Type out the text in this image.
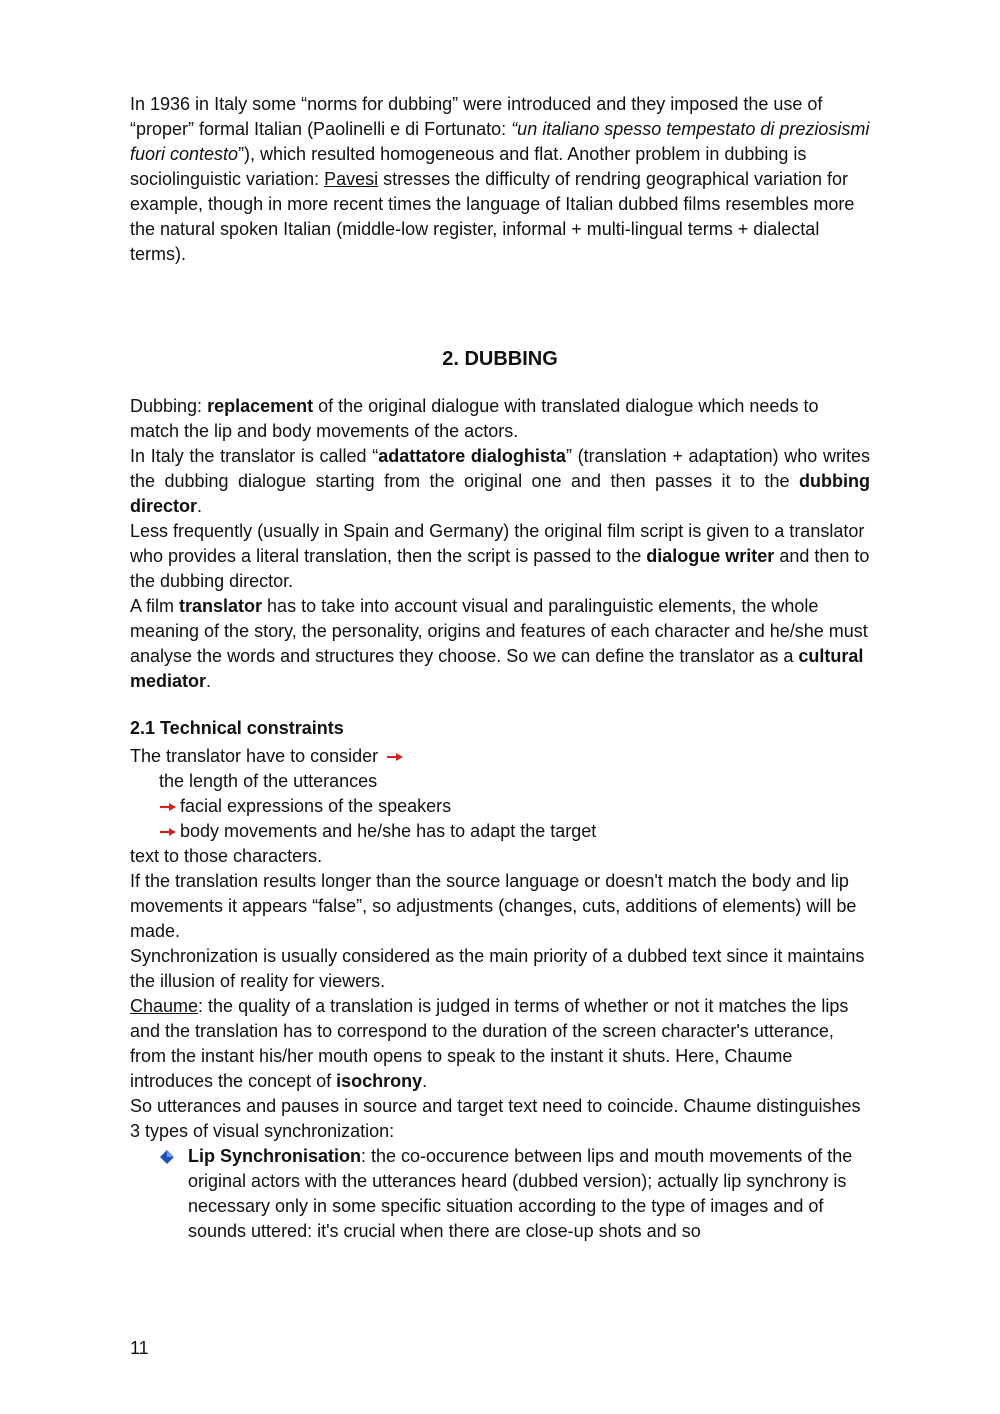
In 1936 in Italy some “norms for dubbing” were introduced and they imposed the use of “proper” formal Italian (Paolinelli e di Fortunato: “un italiano spesso tempestato di preziosismi fuori contesto”), which resulted homogeneous and flat. Another problem in dubbing is sociolinguistic variation: Pavesi stresses the difficulty of rendring geographical variation for example, though in more recent times the language of Italian dubbed films resembles more the natural spoken Italian (middle-low register, informal + multi-lingual terms + dialectal terms).

2. DUBBING

Dubbing: replacement of the original dialogue with translated dialogue which needs to match the lip and body movements of the actors.

In Italy the translator is called “adattatore dialoghista” (translation + adaptation) who writes the dubbing dialogue starting from the original one and then passes it to the dubbing director.

Less frequently (usually in Spain and Germany) the original film script is given to a translator who provides a literal translation, then the script is passed to the dialogue writer and then to the dubbing director.

A film translator has to take into account visual and paralinguistic elements, the whole meaning of the story, the personality, origins and features of each character and he/she must analyse the words and structures they choose. So we can define the translator as a cultural mediator.

2.1 Technical constraints

The translator have to consider

the length of the utterances

facial expressions of the speakers

body movements and he/she has to adapt the target

text to those characters.

If the translation results longer than the source language or doesn't match the body and lip movements it appears “false”, so adjustments (changes, cuts, additions of elements) will be made.

Synchronization is usually considered as the main priority of a dubbed text since it maintains the illusion of reality for viewers.

Chaume: the quality of a translation is judged in terms of whether or not it matches the lips and the translation has to correspond to the duration of the screen character's utterance, from the instant his/her mouth opens to speak to the instant it shuts. Here, Chaume introduces the concept of isochrony.

So utterances and pauses in source and target text need to coincide. Chaume distinguishes 3 types of visual synchronization:

Lip Synchronisation: the co-occurence between lips and mouth movements of the original actors with the utterances heard (dubbed version); actually lip synchrony is necessary only in some specific situation according to the type of images and of sounds uttered: it's crucial when there are close-up shots and so
11
